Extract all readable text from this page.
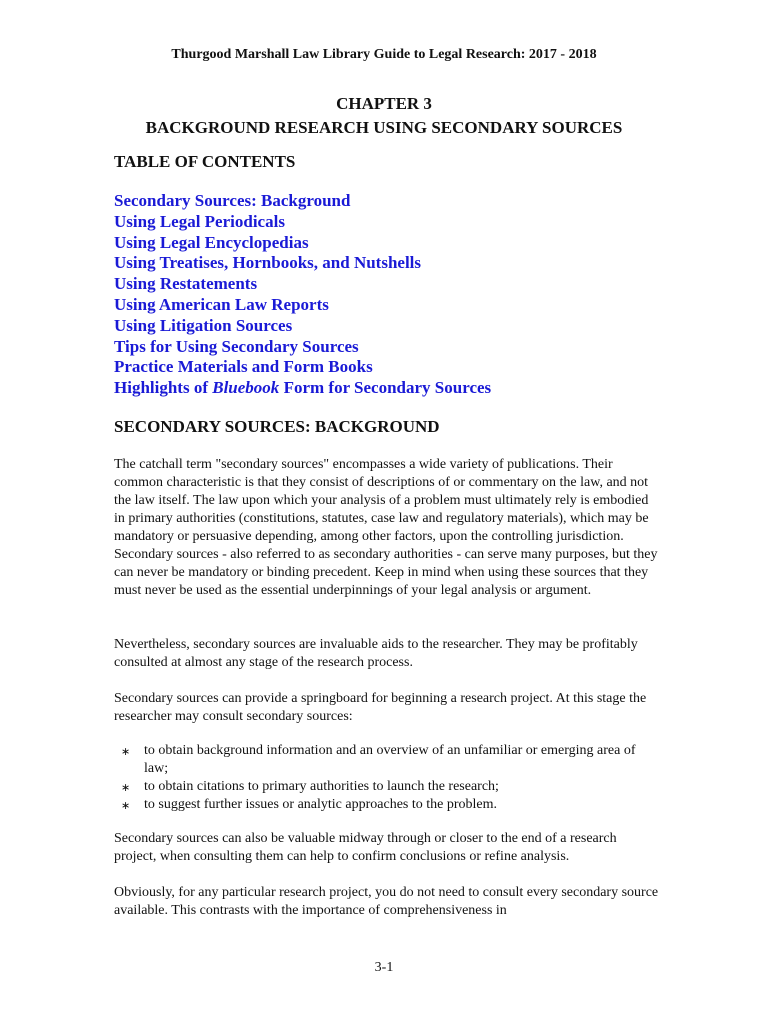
Thurgood Marshall Law Library Guide to Legal Research: 2017 - 2018
CHAPTER 3
BACKGROUND RESEARCH USING SECONDARY SOURCES
TABLE OF CONTENTS
Secondary Sources: Background
Using Legal Periodicals
Using Legal Encyclopedias
Using Treatises, Hornbooks, and Nutshells
Using Restatements
Using American Law Reports
Using Litigation Sources
Tips for Using Secondary Sources
Practice Materials and Form Books
Highlights of Bluebook Form for Secondary Sources
SECONDARY SOURCES: BACKGROUND

The catchall term "secondary sources" encompasses a wide variety of publications. Their common characteristic is that they consist of descriptions of or commentary on the law, and not the law itself. The law upon which your analysis of a problem must ultimately rely is embodied in primary authorities (constitutions, statutes, case law and regulatory materials), which may be mandatory or persuasive depending, among other factors, upon the controlling jurisdiction. Secondary sources - also referred to as secondary authorities - can serve many purposes, but they can never be mandatory or binding precedent. Keep in mind when using these sources that they must never be used as the essential underpinnings of your legal analysis or argument.

Nevertheless, secondary sources are invaluable aids to the researcher. They may be profitably consulted at almost any stage of the research process.

Secondary sources can provide a springboard for beginning a research project. At this stage the researcher may consult secondary sources:

∗ to obtain background information and an overview of an unfamiliar or emerging area of law;
∗ to obtain citations to primary authorities to launch the research;
∗ to suggest further issues or analytic approaches to the problem.

Secondary sources can also be valuable midway through or closer to the end of a research project, when consulting them can help to confirm conclusions or refine analysis.

Obviously, for any particular research project, you do not need to consult every secondary source available. This contrasts with the importance of comprehensiveness in

3-1
